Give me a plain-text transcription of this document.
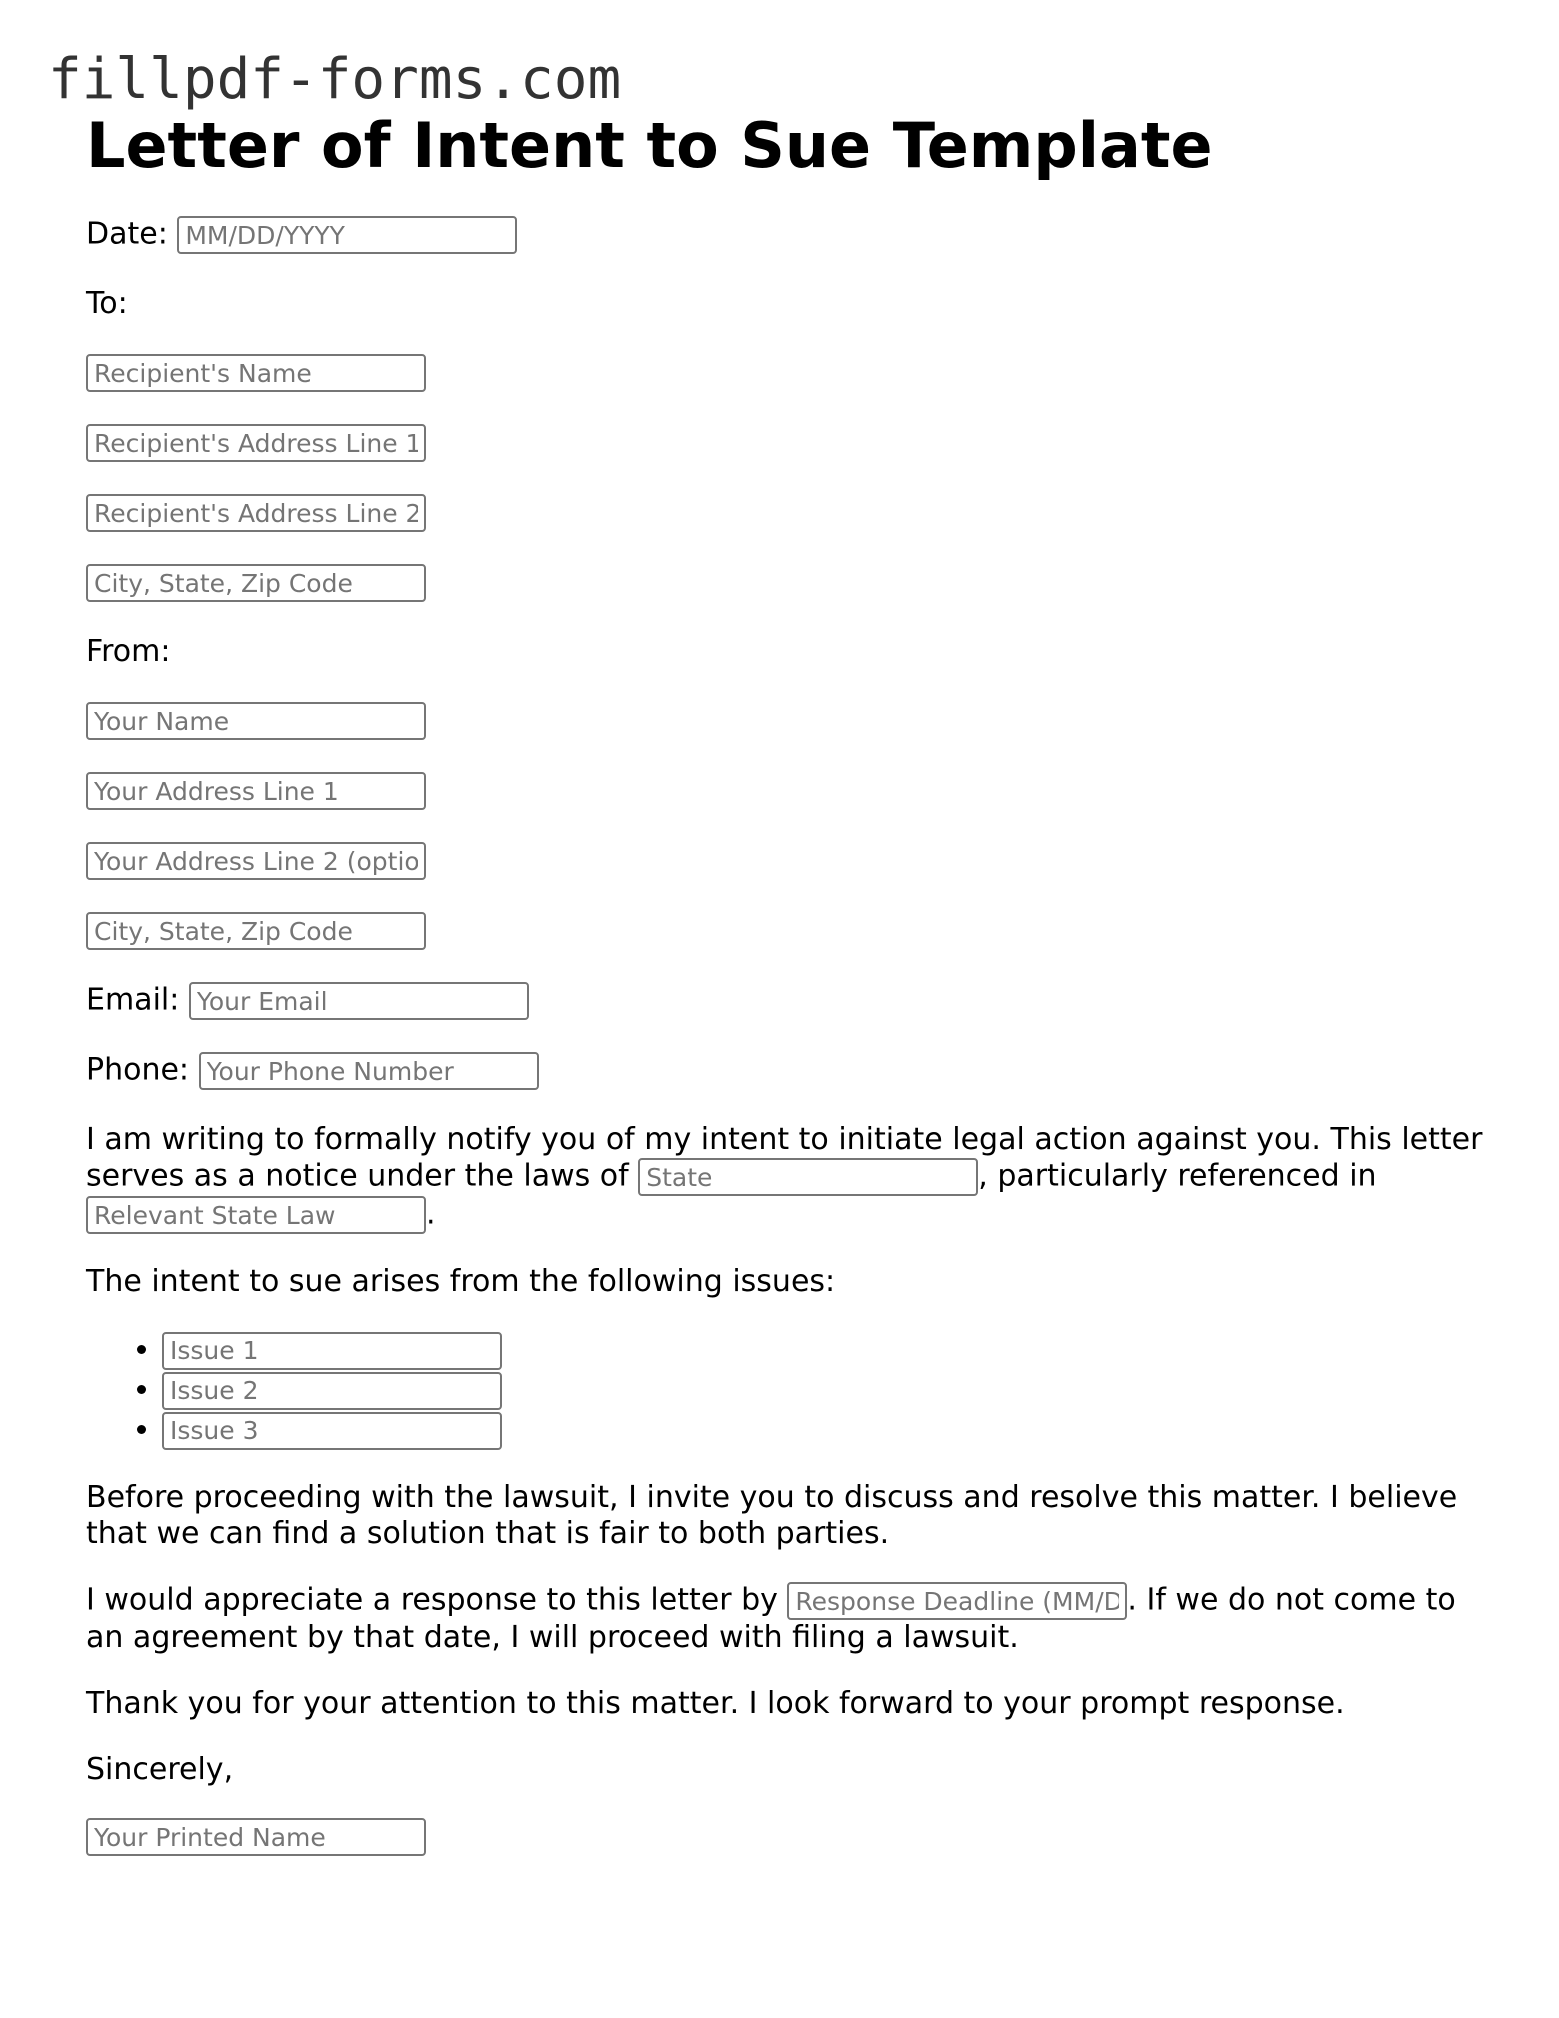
fillpdf-forms.com
Letter of Intent to Sue Template

Date: MM/DD/YYYY

To:

Recipient's Name

Recipient's Address Line 1

Recipient's Address Line 2

City, State, Zip Code

From:

Your Name

Your Address Line 1

Your Address Line 2 (optional)

City, State, Zip Code

Email: Your Email

Phone: Your Phone Number

I am writing to formally notify you of my intent to initiate legal action against you. This letter serves as a notice under the laws of State	, particularly referenced in Relevant State Law.

The intent to sue arises from the following issues:

• Issue 1
• Issue 2
• Issue 3

Before proceeding with the lawsuit, I invite you to discuss and resolve this matter. I believe that we can find a solution that is fair to both parties.

I would appreciate a response to this letter by Response Deadline (MM/DD/YYYY)	. If we do not come to an agreement by that date, I will proceed with filing a lawsuit.

Thank you for your attention to this matter. I look forward to your prompt response.

Sincerely,

Your Printed Name
